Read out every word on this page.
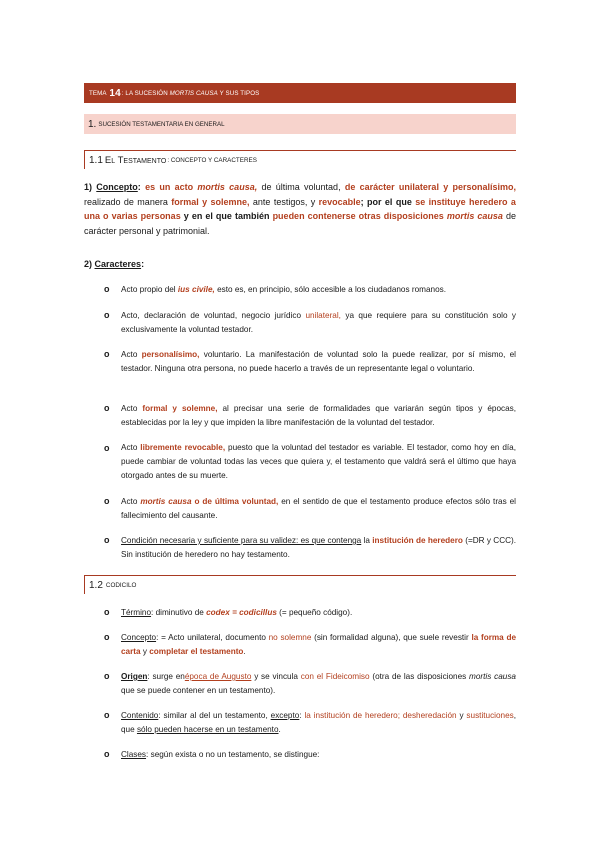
TEMA
14 :
LA SUCESIÓN
MORTIS CAUSA
Y SUS TIPOS
1. SUCESIÓN TESTAMENTARIA EN GENERAL
1.1 El Testamento : CONCEPTO Y CARACTERES

1) Concepto: es un acto mortis causa, de última voluntad, de carácter unilateral y personalísimo, realizado de manera formal y solemne, ante testigos, y revocable; por el que se instituye heredero a una o varias personas y en el que también pueden contenerse otras disposiciones mortis causa de carácter personal y patrimonial.

2) Caracteres:
o Acto propio del ius civile, esto es, en principio, sólo accesible a los ciudadanos romanos.

o Acto, declaración de voluntad, negocio jurídico unilateral, ya que requiere para su constitución solo y exclusivamente la voluntad testador.

o Acto personalísimo, voluntario. La manifestación de voluntad solo la puede realizar, por sí mismo, el testador. Ninguna otra persona, no puede hacerlo a través de un representante legal o voluntario.

o Acto formal y solemne, al precisar una serie de formalidades que variarán según tipos y épocas, establecidas por la ley y que impiden la libre manifestación de la voluntad del testador.

o Acto libremente revocable, puesto que la voluntad del testador es variable. El testador, como hoy en día, puede cambiar de voluntad todas las veces que quiera y, el testamento que valdrá será el último que haya otorgado antes de su muerte.

o Acto mortis causa o de última voluntad, en el sentido de que el testamento produce efectos sólo tras el fallecimiento del causante.

o Condición necesaria y suficiente para su validez: es que contenga la institución de heredero (=DR y CCC). Sin institución de heredero no hay testamento.

1.2 CODICILO
o Término: diminutivo de codex = codicillus (= pequeño código).

o Concepto: = Acto unilateral, documento no solemne (sin formalidad alguna), que suele revestir la forma de carta y completar el testamento.

o Origen: surge enépoca de Augusto y se vincula con el Fideicomiso (otra de las disposiciones mortis causa que se puede contener en un testamento).

o Contenido: similar al del un testamento, excepto: la institución de heredero; desheredación y sustituciones, que sólo pueden hacerse en un testamento.

o Clases: según exista o no un testamento, se distingue:
